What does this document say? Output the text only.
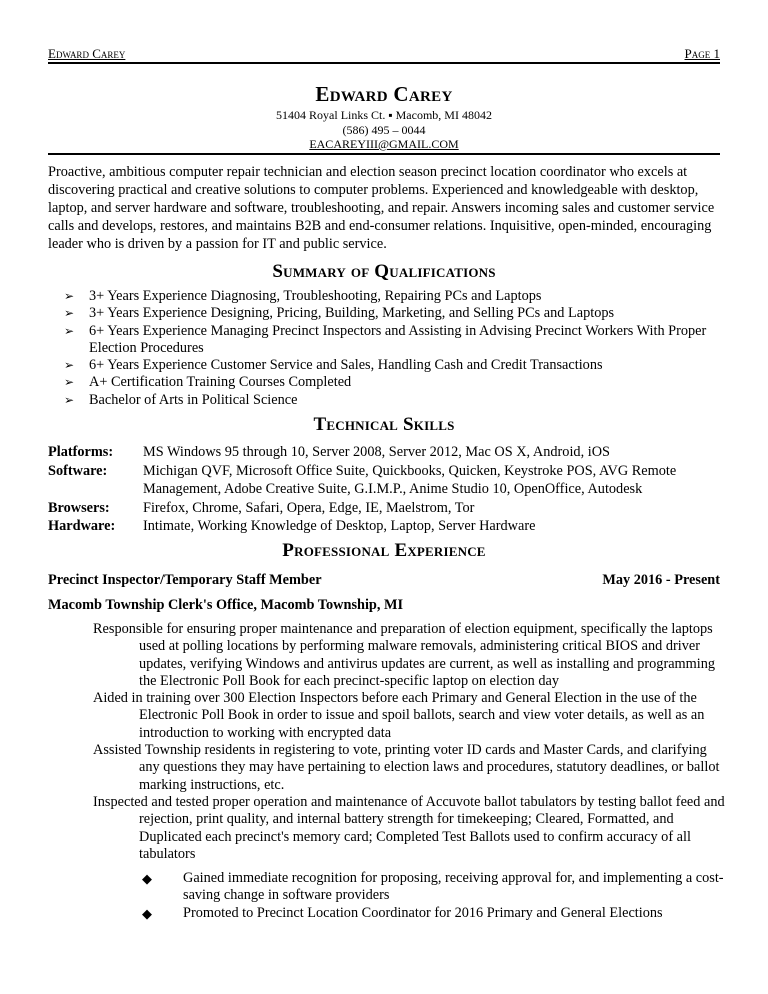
Edward Carey	Page 1
Edward Carey
51404 Royal Links Ct. ▪ Macomb, MI 48042
(586) 495 – 0044
EACAREYIII@GMAIL.COM
Proactive, ambitious computer repair technician and election season precinct location coordinator who excels at discovering practical and creative solutions to computer problems. Experienced and knowledgeable with desktop, laptop, and server hardware and software, troubleshooting, and repair. Answers incoming sales and customer service calls and develops, restores, and maintains B2B and end-consumer relations. Inquisitive, open-minded, encouraging leader who is driven by a passion for IT and public service.
Summary of Qualifications
➢ 3+ Years Experience Diagnosing, Troubleshooting, Repairing PCs and Laptops
➢ 3+ Years Experience Designing, Pricing, Building, Marketing, and Selling PCs and Laptops
➢ 6+ Years Experience Managing Precinct Inspectors and Assisting in Advising Precinct Workers With Proper Election Procedures
➢ 6+ Years Experience Customer Service and Sales, Handling Cash and Credit Transactions
➢ A+ Certification Training Courses Completed
➢ Bachelor of Arts in Political Science
Technical Skills
Platforms:	MS Windows 95 through 10, Server 2008, Server 2012, Mac OS X, Android, iOS
Software:	Michigan QVF, Microsoft Office Suite, Quickbooks, Quicken, Keystroke POS, AVG Remote Management, Adobe Creative Suite, G.I.M.P., Anime Studio 10, OpenOffice, Autodesk
Browsers:	Firefox, Chrome, Safari, Opera, Edge, IE, Maelstrom, Tor
Hardware:	Intimate, Working Knowledge of Desktop, Laptop, Server Hardware
Professional Experience
Precinct Inspector/Temporary Staff Member	May 2016 - Present
Macomb Township Clerk's Office, Macomb Township, MI
Responsible for ensuring proper maintenance and preparation of election equipment, specifically the laptops used at polling locations by performing malware removals, administering critical BIOS and driver updates, verifying Windows and antivirus updates are current, as well as installing and programming the Electronic Poll Book for each precinct-specific laptop on election day
Aided in training over 300 Election Inspectors before each Primary and General Election in the use of the Electronic Poll Book in order to issue and spoil ballots, search and view voter details, as well as an introduction to working with encrypted data
Assisted Township residents in registering to vote, printing voter ID cards and Master Cards, and clarifying any questions they may have pertaining to election laws and procedures, statutory deadlines, or ballot marking instructions, etc.
Inspected and tested proper operation and maintenance of Accuvote ballot tabulators by testing ballot feed and rejection, print quality, and internal battery strength for timekeeping; Cleared, Formatted, and Duplicated each precinct's memory card; Completed Test Ballots used to confirm accuracy of all tabulators
◆ Gained immediate recognition for proposing, receiving approval for, and implementing a cost-saving change in software providers
◆ Promoted to Precinct Location Coordinator for 2016 Primary and General Elections
